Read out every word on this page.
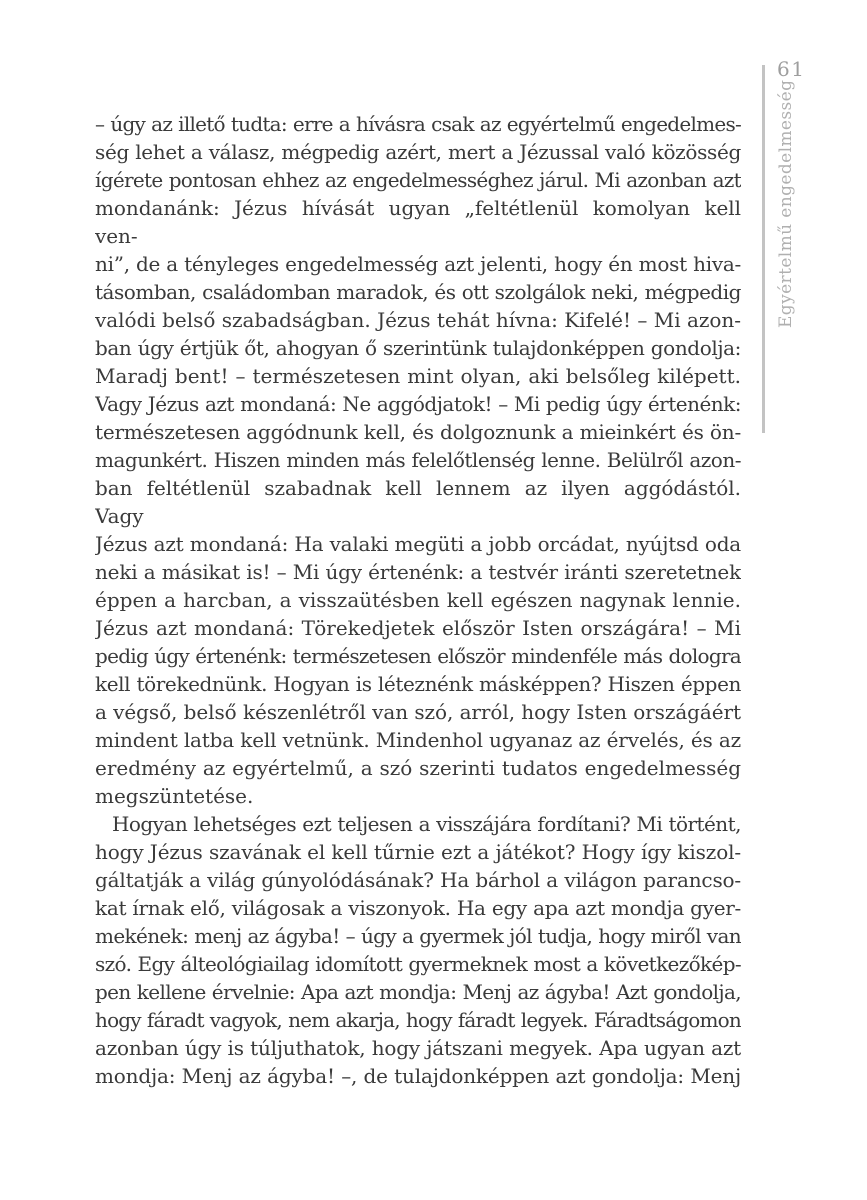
61
Egyértelmű engedelmesség
– úgy az illető tudta: erre a hívásra csak az egyértelmű engedelmes-
ség lehet a válasz, mégpedig azért, mert a Jézussal való közösség
ígérete pontosan ehhez az engedelmességhez járul. Mi azonban azt
mondanánk: Jézus hívását ugyan „feltétlenül komolyan kell ven-
ni”, de a tényleges engedelmesség azt jelenti, hogy én most hiva-
tásomban, családomban maradok, és ott szolgálok neki, mégpedig
valódi belső szabadságban. Jézus tehát hívna: Kifelé! – Mi azon-
ban úgy értjük őt, ahogyan ő szerintünk tulajdonképpen gondolja:
Maradj bent! – természetesen mint olyan, aki belsőleg kilépett.
Vagy Jézus azt mondaná: Ne aggódjatok! – Mi pedig úgy értenénk:
természetesen aggódnunk kell, és dolgoznunk a mieinkért és ön-
magunkért. Hiszen minden más felelőtlenség lenne. Belülről azon-
ban feltétlenül szabadnak kell lennem az ilyen aggódástól. Vagy
Jézus azt mondaná: Ha valaki megüti a jobb orcádat, nyújtsd oda
neki a másikat is! – Mi úgy értenénk: a testvér iránti szeretetnek
éppen a harcban, a visszaütésben kell egészen nagynak lennie.
Jézus azt mondaná: Törekedjetek először Isten országára! – Mi
pedig úgy értenénk: természetesen először mindenféle más dologra
kell törekednünk. Hogyan is léteznénk másképpen? Hiszen éppen
a végső, belső készenlétről van szó, arról, hogy Isten országáért
mindent latba kell vetnünk. Mindenhol ugyanaz az érvelés, és az
eredmény az egyértelmű, a szó szerinti tudatos engedelmesség
megszüntetése.
Hogyan lehetséges ezt teljesen a visszájára fordítani? Mi történt,
hogy Jézus szavának el kell tűrnie ezt a játékot? Hogy így kiszol-
gáltatják a világ gúnyolódásának? Ha bárhol a világon parancso-
kat írnak elő, világosak a viszonyok. Ha egy apa azt mondja gyer-
mekének: menj az ágyba! – úgy a gyermek jól tudja, hogy miről van
szó. Egy álteológiailag idomított gyermeknek most a következőkép-
pen kellene érvelnie: Apa azt mondja: Menj az ágyba! Azt gondolja,
hogy fáradt vagyok, nem akarja, hogy fáradt legyek. Fáradtságomon
azonban úgy is túljuthatok, hogy játszani megyek. Apa ugyan azt
mondja: Menj az ágyba! –, de tulajdonképpen azt gondolja: Menj
